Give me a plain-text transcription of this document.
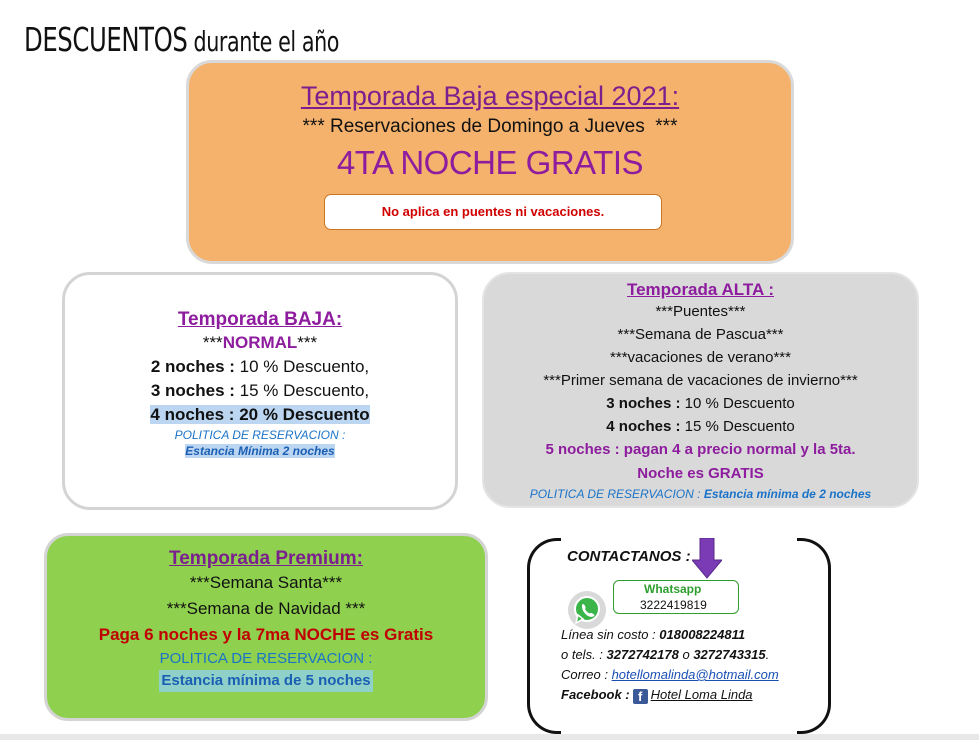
DESCUENTOS durante el año
Temporada Baja especial 2021:
*** Reservaciones de Domingo a Jueves  ***
4TA NOCHE GRATIS
No aplica en puentes ni vacaciones.
Temporada BAJA:
***NORMAL***
2 noches : 10 % Descuento,
3 noches : 15 % Descuento,
4 noches : 20 % Descuento
POLITICA DE RESERVACION :
Estancia Mínima 2 noches
Temporada ALTA :
***Puentes***
***Semana de Pascua***
***vacaciones de verano***
***Primer semana de vacaciones de invierno***
3 noches : 10 % Descuento
4 noches : 15 % Descuento
5 noches : pagan 4 a precio normal y la 5ta.
Noche es GRATIS
POLITICA DE RESERVACION : Estancia mínima de 2 noches
Temporada Premium:
***Semana Santa***
***Semana de Navidad ***
Paga 6 noches y la 7ma NOCHE es Gratis
POLITICA DE RESERVACION :
Estancia mínima de 5 noches
CONTACTANOS :
Whatsapp
3222419819
Línea sin costo : 018008224811
o tels. : 3272742178 o 3272743315.
Correo : hotellomalinda@hotmail.com
Facebook : f Hotel Loma Linda
